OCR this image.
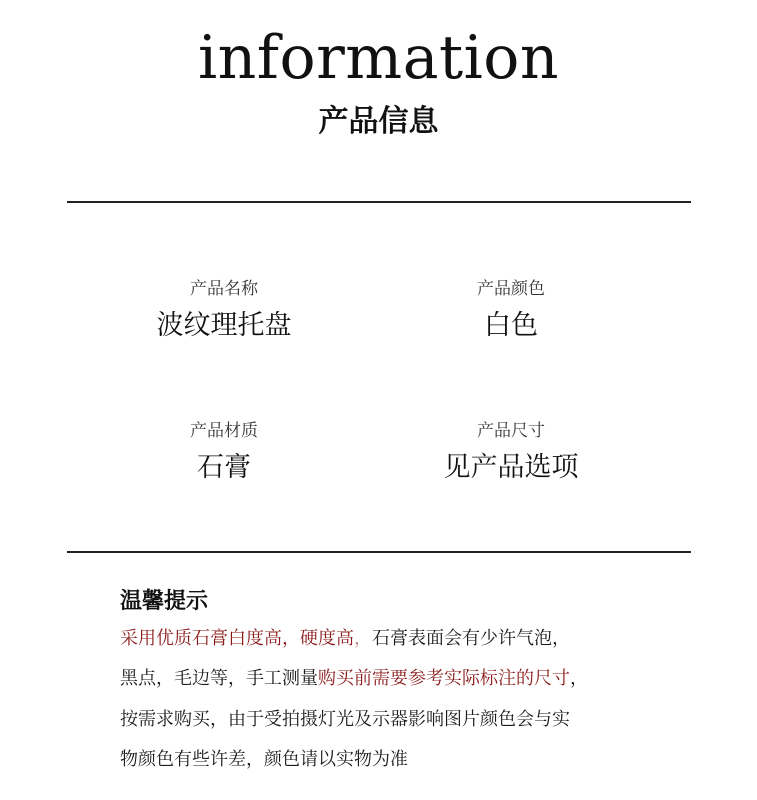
information
产品信息
产品名称
波纹理托盘
产品颜色
白色
产品材质
石膏
产品尺寸
见产品选项
温馨提示
采用优质石膏白度高，硬度高，石膏表面会有少许气泡，
黑点，毛边等，手工测量购买前需要参考实际标注的尺寸，
按需求购买，由于受拍摄灯光及示器影响图片颜色会与实
物颜色有些许差，颜色请以实物为准
